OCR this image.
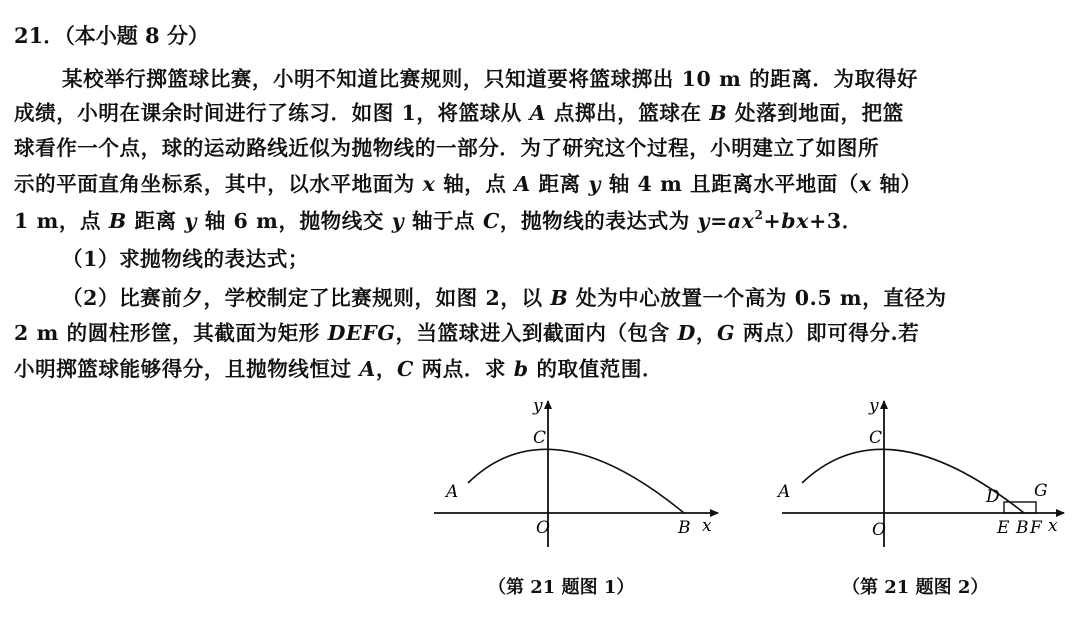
21．（本小题 8 分）
某校举行掷篮球比赛，小明不知道比赛规则，只知道要将篮球掷出 10 m 的距离．为取得好
成绩，小明在课余时间进行了练习．如图 1，将篮球从 A 点掷出，篮球在 B 处落到地面，把篮
球看作一个点，球的运动路线近似为抛物线的一部分．为了研究这个过程，小明建立了如图所
示的平面直角坐标系，其中，以水平地面为 x 轴，点 A 距离 y 轴 4 m 且距离水平地面（x 轴）
1 m，点 B 距离 y 轴 6 m，抛物线交 y 轴于点 C，抛物线的表达式为 $y=ax^2+bx+3$．
（1）求抛物线的表达式；
（2）比赛前夕，学校制定了比赛规则，如图 2，以 B 处为中心放置一个高为 0.5 m，直径为
2 m 的圆柱形筐，其截面为矩形 DEFG，当篮球进入到截面内（包含 D，G 两点）即可得分.若
小明掷篮球能够得分，且抛物线恒过 A，C 两点．求 b 的取值范围．
y
C
A
O	B x
（第 21 题图 1）
y
C
A
O
D G
E B F x
（第 21 题图 2）
